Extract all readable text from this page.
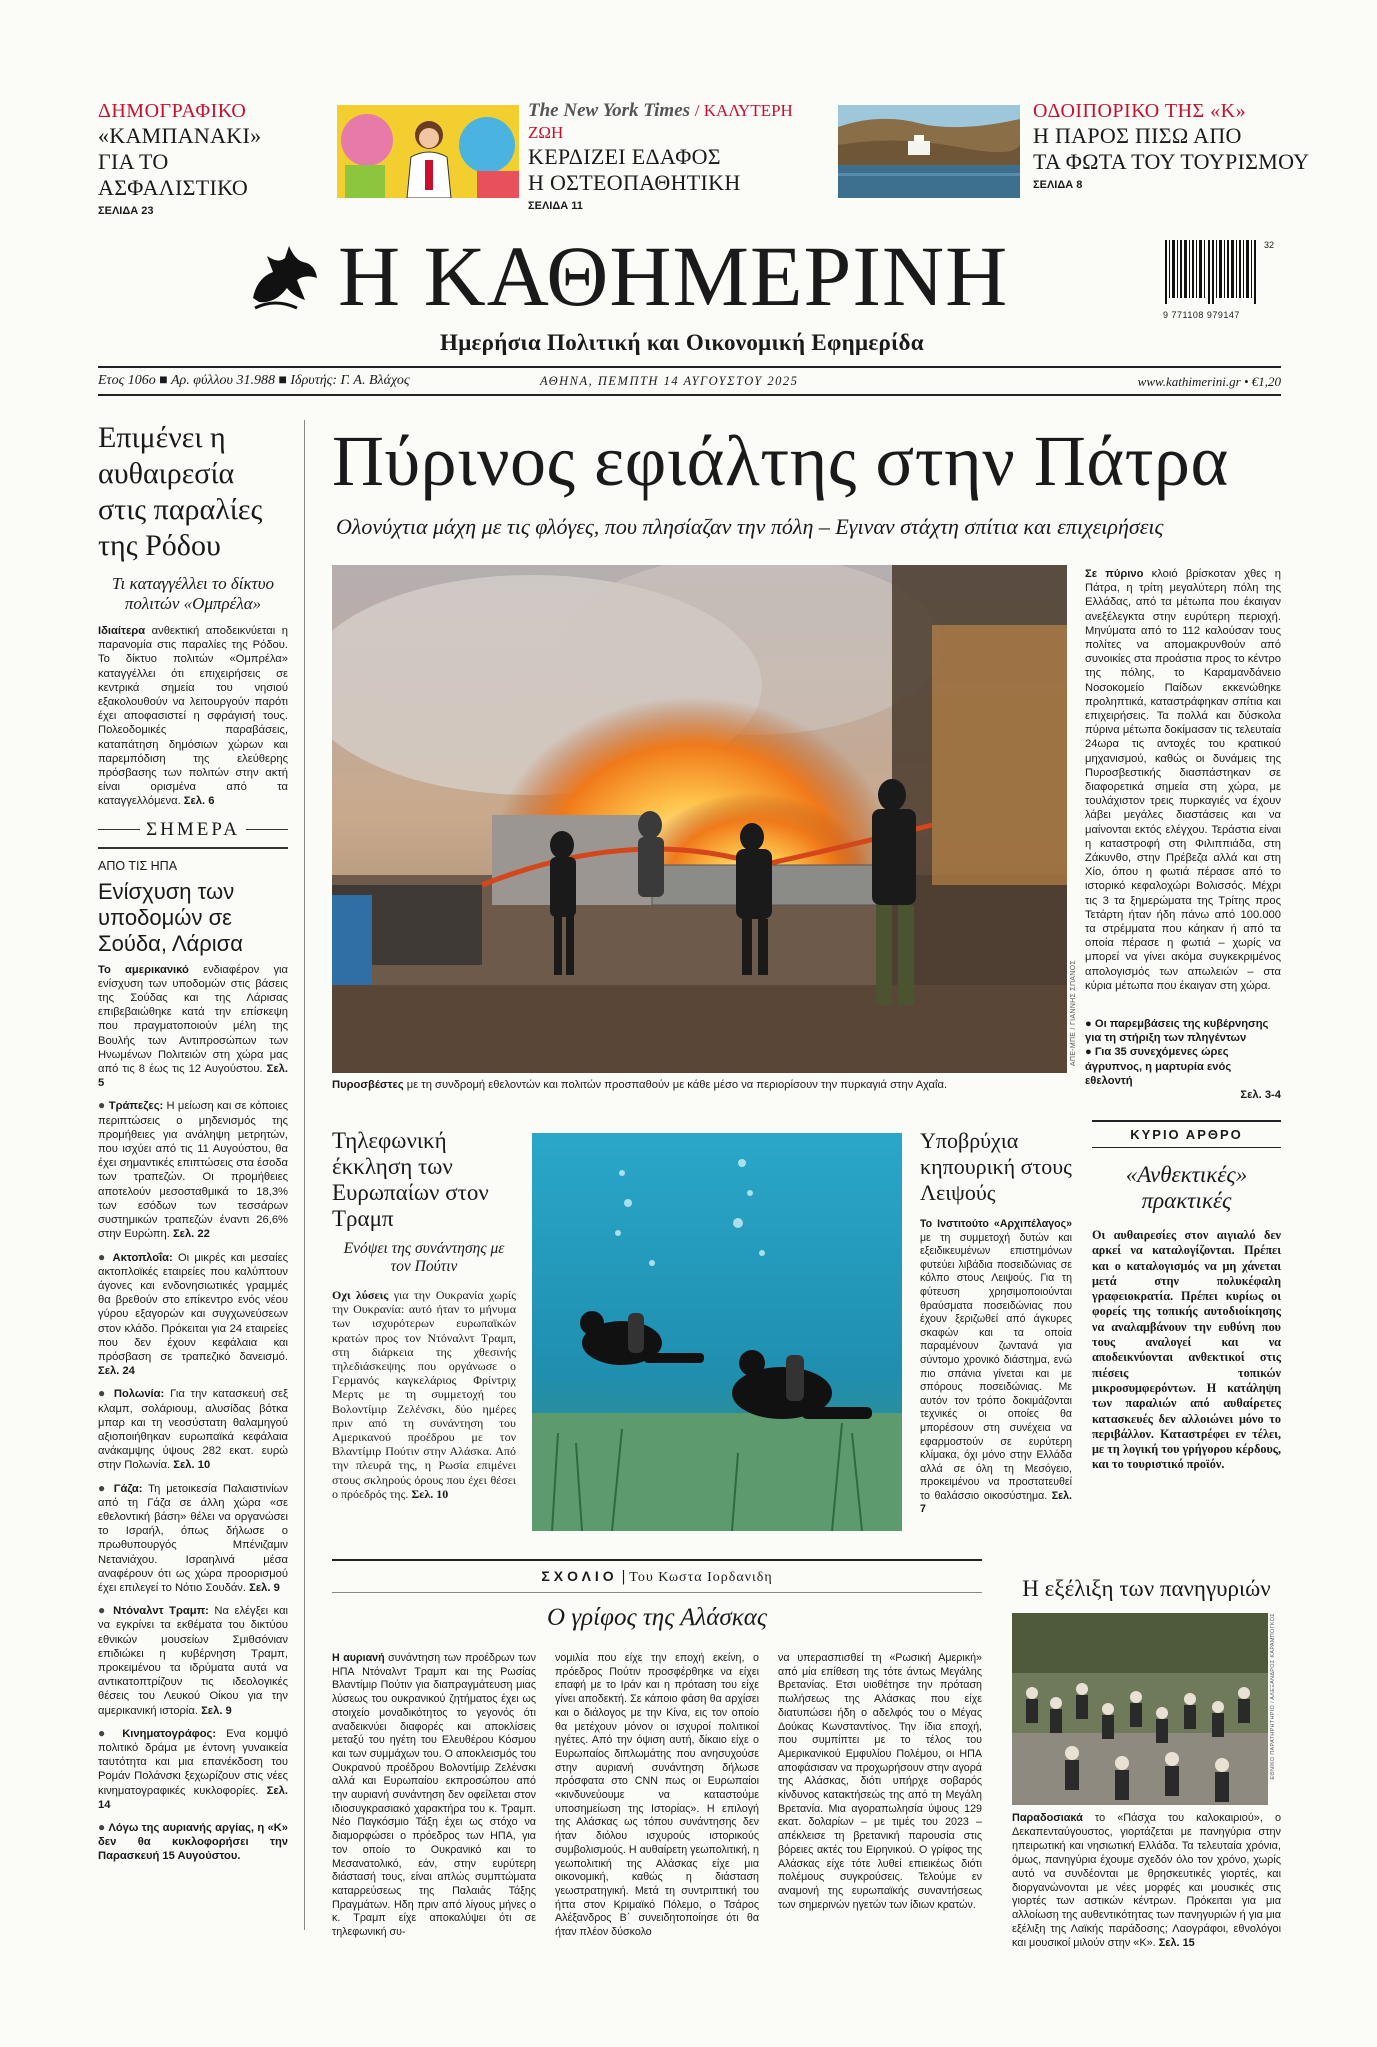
ΔΗΜΟΓΡΑΦΙΚΟ
«ΚΑΜΠΑΝΑΚΙ»
ΓΙΑ ΤΟ ΑΣΦΑΛΙΣΤΙΚΟ
ΣΕΛΙΔΑ 23
The New York Times / ΚΑΛΥΤΕΡΗ ΖΩΗ
ΚΕΡΔΙΖΕΙ ΕΔΑΦΟΣ
Η ΟΣΤΕΟΠΑΘΗΤΙΚΗ
ΣΕΛΙΔΑ 11
ΟΔΟΙΠΟΡΙΚΟ ΤΗΣ «Κ»
Η ΠΑΡΟΣ ΠΙΣΩ ΑΠΟ
ΤΑ ΦΩΤΑ ΤΟΥ ΤΟΥΡΙΣΜΟΥ
ΣΕΛΙΔΑ 8
Η ΚΑΘΗΜΕΡΙΝΗ	9 771108 979147
32
Ημερήσια Πολιτική και Οικονομική Εφημερίδα
Ετος 106ο ■ Αρ. φύλλου 31.988 ■ Ιδρυτής: Γ. Α. Βλάχος	ΑΘΗΝΑ, ΠΕΜΠΤΗ 14 ΑΥΓΟΥΣΤΟΥ 2025	www.kathimerini.gr • €1,20
Επιμένει η αυθαιρεσία στις παραλίες της Ρόδου
Τι καταγγέλλει το δίκτυο πολιτών «Ομπρέλα»
Ιδιαίτερα ανθεκτική αποδεικνύεται η παρανομία στις παραλίες της Ρόδου. Το δίκτυο πολιτών «Ομπρέλα» καταγγέλλει ότι επιχειρήσεις σε κεντρικά σημεία του νησιού εξακολουθούν να λειτουργούν παρότι έχει αποφασιστεί η σφράγισή τους. Πολεοδομικές παραβάσεις, καταπάτηση δημόσιων χώρων και παρεμπόδιση της ελεύθερης πρόσβασης των πολιτών στην ακτή είναι ορισμένα από τα καταγγελλόμενα. Σελ. 6
ΣΗΜΕΡΑ
ΑΠΟ ΤΙΣ ΗΠΑ
Ενίσχυση των υποδομών σε Σούδα, Λάρισα
Το αμερικανικό ενδιαφέρον για ενίσχυση των υποδομών στις βάσεις της Σούδας και της Λάρισας επιβεβαιώθηκε κατά την επίσκεψη που πραγματοποιούν μέλη της Βουλής των Αντιπροσώπων των Ηνωμένων Πολιτειών στη χώρα μας από τις 8 έως τις 12 Αυγούστου. Σελ. 5
● Τράπεζες: Η μείωση και σε κόποιες περιπτώσεις ο μηδενισμός της προμήθειες για ανάληψη μετρητών, που ισχύει από τις 11 Αυγούστου, θα έχει σημαντικές επιπτώσεις στα έσοδα των τραπεζών. Οι προμήθειες αποτελούν μεσοσταθμικά το 18,3% των εσόδων των τεσσάρων συστημικών τραπεζών έναντι 26,6% στην Ευρώπη. Σελ. 22
● Ακτοπλοΐα: Οι μικρές και μεσαίες ακτοπλοϊκές εταιρείες που καλύπτουν άγονες και ενδονησιωτικές γραμμές θα βρεθούν στο επίκεντρο ενός νέου γύρου εξαγορών και συγχωνεύσεων στον κλάδο. Πρόκειται για 24 εταιρείες που δεν έχουν κεφάλαια και πρόσβαση σε τραπεζικό δανεισμό. Σελ. 24
● Πολωνία: Για την κατασκευή σεξ κλαμπ, σολάριουμ, αλυσίδας βότκα μπαρ και τη νεοσύστατη θαλαμηγού αξιοποιήθηκαν ευρωπαϊκά κεφάλαια ανάκαμψης ύψους 282 εκατ. ευρώ στην Πολωνία. Σελ. 10
● Γάζα: Τη μετοικεσία Παλαιστινίων από τη Γάζα σε άλλη χώρα «σε εθελοντική βάση» θέλει να οργανώσει το Ισραήλ, όπως δήλωσε ο πρωθυπουργός Μπένιζαμιν Νετανιάχου. Ισραηλινά μέσα αναφέρουν ότι ως χώρα προορισμού έχει επιλεγεί το Νότιο Σουδάν. Σελ. 9
● Ντόναλντ Τραμπ: Να ελέγξει και να εγκρίνει τα εκθέματα του δικτύου εθνικών μουσείων Σμιθσόνιαν επιδιώκει η κυβέρνηση Τραμπ, προκειμένου τα ιδρύματα αυτά να αντικατοπτρίζουν τις ιδεολογικές θέσεις του Λευκού Οίκου για την αμερικανική ιστορία. Σελ. 9
● Κινηματογράφος: Ενα κομψό πολιτικό δράμα με έντονη γυναικεία ταυτότητα και μια επανέκδοση του Ρομάν Πολάνσκι ξεχωρίζουν στις νέες κινηματογραφικές κυκλοφορίες. Σελ. 14
● Λόγω της αυριανής αργίας, η «Κ» δεν θα κυκλοφορήσει την Παρασκευή 15 Αυγούστου.
Πύρινος εφιάλτης στην Πάτρα
Ολονύχτια μάχη με τις φλόγες, που πλησίαζαν την πόλη – Εγιναν στάχτη σπίτια και επιχειρήσεις
ΑΠΕ-ΜΠΕ / ΓΙΑΝΝΗΣ ΣΠΑΝΟΣ
Πυροσβέστες με τη συνδρομή εθελοντών και πολιτών προσπαθούν με κάθε μέσο να περιορίσουν την πυρκαγιά στην Αχαΐα.
Σε πύρινο κλοιό βρίσκοταν χθες η Πάτρα, η τρίτη μεγαλύτερη πόλη της Ελλάδας, από τα μέτωπα που έκαιγαν ανεξέλεγκτα στην ευρύτερη περιοχή. Μηνύματα από το 112 καλούσαν τους πολίτες να απομακρυνθούν από συνοικίες στα προάστια προς το κέντρο της πόλης, το Καραμανδάνειο Νοσοκομείο Παίδων εκκενώθηκε προληπτικά, καταστράφηκαν σπίτια και επιχειρήσεις. Τα πολλά και δύσκολα πύρινα μέτωπα δοκίμασαν τις τελευταία 24ωρα τις αντοχές του κρατικού μηχανισμού, καθώς οι δυνάμεις της Πυροσβεστικής διασπάστηκαν σε διαφορετικά σημεία στη χώρα, με τουλάχιστον τρεις πυρκαγιές να έχουν λάβει μεγάλες διαστάσεις και να μαίνονται εκτός ελέγχου. Τεράστια είναι η καταστροφή στη Φιλιππιάδα, στη Ζάκυνθο, στην Πρέβεζα αλλά και στη Χίο, όπου η φωτιά πέρασε από το ιστορικό κεφαλοχώρι Βολισσός. Μέχρι τις 3 τα ξημερώματα της Τρίτης προς Τετάρτη ήταν ήδη πάνω από 100.000 τα στρέμματα που κάηκαν ή από τα οποία πέρασε η φωτιά – χωρίς να μπορεί να γίνει ακόμα συγκεκριμένος απολογισμός των απωλειών – στα κύρια μέτωπα που έκαιγαν στη χώρα.
● Οι παρεμβάσεις της κυβέρνησης για τη στήριξη των πληγέντων
● Για 35 συνεχόμενες ώρες άγρυπνος, η μαρτυρία ενός εθελοντή
Σελ. 3-4
Τηλεφωνική έκκληση των Ευρωπαίων στον Τραμπ
Ενόψει της συνάντησης με τον Πούτιν
Οχι λύσεις για την Ουκρανία χωρίς την Ουκρανία: αυτό ήταν το μήνυμα των ισχυρότερων ευρωπαϊκών κρατών προς τον Ντόναλντ Τραμπ, στη διάρκεια της χθεσινής τηλεδιάσκεψης που οργάνωσε ο Γερμανός καγκελάριος Φρίντριχ Μερτς με τη συμμετοχή του Βολοντίμιρ Ζελένσκι, δύο ημέρες πριν από τη συνάντηση του Αμερικανού προέδρου με τον Βλαντίμιρ Πούτιν στην Αλάσκα. Από την πλευρά της, η Ρωσία επιμένει στους σκληρούς όρους που έχει θέσει ο πρόεδρός της. Σελ. 10
Υποβρύχια κηπουρική στους Λειψούς
Το Ινστιτούτο «Αρχιπέλαγος» με τη συμμετοχή δυτών και εξειδικευμένων επιστημόνων φυτεύει λιβάδια ποσειδώνιας σε κόλπο στους Λειψούς. Για τη φύτευση χρησιμοποιούνται θραύσματα ποσειδώνιας που έχουν ξεριζωθεί από άγκυρες σκαφών και τα οποία παραμένουν ζωντανά για σύντομο χρονικό διάστημα, ενώ πιο σπάνια γίνεται και με σπόρους ποσειδώνιας. Με αυτόν τον τρόπο δοκιμάζονται τεχνικές οι οποίες θα μπορέσουν στη συνέχεια να εφαρμοστούν σε ευρύτερη κλίμακα, όχι μόνο στην Ελλάδα αλλά σε όλη τη Μεσόγειο, προκειμένου να προστατευθεί το θαλάσσιο οικοσύστημα. Σελ. 7
ΚΥΡΙΟ ΑΡΘΡΟ
«Ανθεκτικές» πρακτικές
Οι αυθαιρεσίες στον αιγιαλό δεν αρκεί να καταλογίζονται. Πρέπει και ο καταλογισμός να μη χάνεται μετά στην πολυκέφαλη γραφειοκρατία. Πρέπει κυρίως οι φορείς της τοπικής αυτοδιοίκησης να αναλαμβάνουν την ευθύνη που τους αναλογεί και να αποδεικνύονται ανθεκτικοί στις πιέσεις τοπικών μικροσυμφερόντων. Η κατάληψη των παραλιών από αυθαίρετες κατασκευές δεν αλλοιώνει μόνο το περιβάλλον. Καταστρέφει εν τέλει, με τη λογική του γρήγορου κέρδους, και το τουριστικό προϊόν.
ΣΧΟΛΙΟ | Του Κωστα Ιορδανιδη
Ο γρίφος της Αλάσκας
Η αυριανή συνάντηση των προέδρων των ΗΠΑ Ντόναλντ Τραμπ και της Ρωσίας Βλαντίμιρ Πούτιν για διαπραγμάτευση μιας λύσεως του ουκρανικού ζητήματος έχει ως στοιχείο μοναδικότητος το γεγονός ότι αναδεικνύει διαφορές και αποκλίσεις μεταξύ του ηγέτη του Ελευθέρου Κόσμου και των συμμάχων του. Ο αποκλεισμός του Ουκρανού προέδρου Βολοντίμιρ Ζελένσκι αλλά και Ευρωπαίου εκπροσώπου από την αυριανή συνάντηση δεν οφείλεται στον ιδιοσυγκρασιακό χαρακτήρα του κ. Τραμπ. Νέο Παγκόσμιο Τάξη έχει ως στόχο να διαμορφώσει ο πρόεδρος των ΗΠΑ, για τον οποίο το Ουκρανικό και το Μεσανατολικό, εάν, στην ευρύτερη διάστασή τους, είναι απλώς συμπτώματα καταρρεύσεως της Παλαιάς Τάξης Πραγμάτων. Ηδη πριν από λίγους μήνες ο κ. Τραμπ είχε αποκαλύψει ότι σε τηλεφωνική συ-
νομιλία που είχε την εποχή εκείνη, ο πρόεδρος Πούτιν προσφέρθηκε να είχει επαφή με το Ιράν και η πρόταση του είχε γίνει αποδεκτή. Σε κάποιο φάση θα αρχίσει και ο διάλογος με την Κίνα, εις τον οποίο θα μετέχουν μόνον οι ισχυροί πολιτικοί ηγέτες. Από την όψιση αυτή, δίκαιο είχε ο Ευρωπαίος διπλωμάτης που ανησυχούσε στην αυριανή συνάντηση δήλωσε πρόσφατα στο CNN πως οι Ευρωπαίοι «κινδυνεύουμε να καταστούμε υποσημείωση της Ιστορίας». Η επιλογή της Αλάσκας ως τόπου συνάντησης δεν ήταν διόλου ισχυρούς ιστορικούς συμβολισμούς. Η αυθαίρετη γεωπολιτική, η γεωπολιτική της Αλάσκας είχε μια οικονομική, καθώς η διάσταση γεωστρατηγική. Μετά τη συντριπτική του ήττα στον Κριμαϊκό Πόλεμο, ο Τσάρος Αλέξανδρος Β΄ συνειδητοποίησε ότι θα ήταν πλέον δύσκολο
να υπερασπισθεί τη «Ρωσική Αμερική» από μία επίθεση της τότε άντως Μεγάλης Βρετανίας. Ετσι υιοθέτησε την πρόταση πωλήσεως της Αλάσκας που είχε διατυπώσει ήδη ο αδελφός του ο Μέγας Δούκας Κωνσταντίνος. Την ίδια εποχή, που συμπίπτει με το τέλος του Αμερικανικού Εμφυλίου Πολέμου, οι ΗΠΑ αποφάσισαν να προχωρήσουν στην αγορά της Αλάσκας, διότι υπήρχε σοβαρός κίνδυνος κατακτήσεώς της από τη Μεγάλη Βρετανία. Μια αγοραπωλησία ύψους 129 εκατ. δολαρίων – με τιμές του 2023 – απέκλεισε τη βρετανική παρουσία στις βόρειες ακτές του Ειρηνικού. Ο γρίφος της Αλάσκας είχε τότε λυθεί επιεικέως διότι πολέμους συγκρούσεις. Τελούμε εν αναμονή της ευρωπαϊκής συναντήσεως των σημερινών ηγετών των ίδιων κρατών.
Η εξέλιξη των πανηγυριών
ΕΘΝΙΚΟ ΠΑΡΑΤΗΡΗΤΗΡΙΟ / ΑΛΕΞΑΝΔΡΟΣ ΚΑΡΑΜΠΟΓΚΟΣ
Παραδοσιακά το «Πάσχα του καλοκαιριού», ο Δεκαπενταύγουστος, γιορτάζεται με πανηγύρια στην ηπειρωτική και νησιωτική Ελλάδα. Τα τελευταία χρόνια, όμως, πανηγύρια έχουμε σχεδόν όλο τον χρόνο, χωρίς αυτό να συνδέονται με θρησκευτικές γιορτές, και διοργανώνονται με νέες μορφές και μουσικές στις γιορτές των αστικών κέντρων. Πρόκειται για μια αλλοίωση της αυθεντικότητας των πανηγυριών ή για μια εξέλιξη της Λαϊκής παράδοσης; Λαογράφοι, εθνολόγοι και μουσικοί μιλούν στην «Κ». Σελ. 15
